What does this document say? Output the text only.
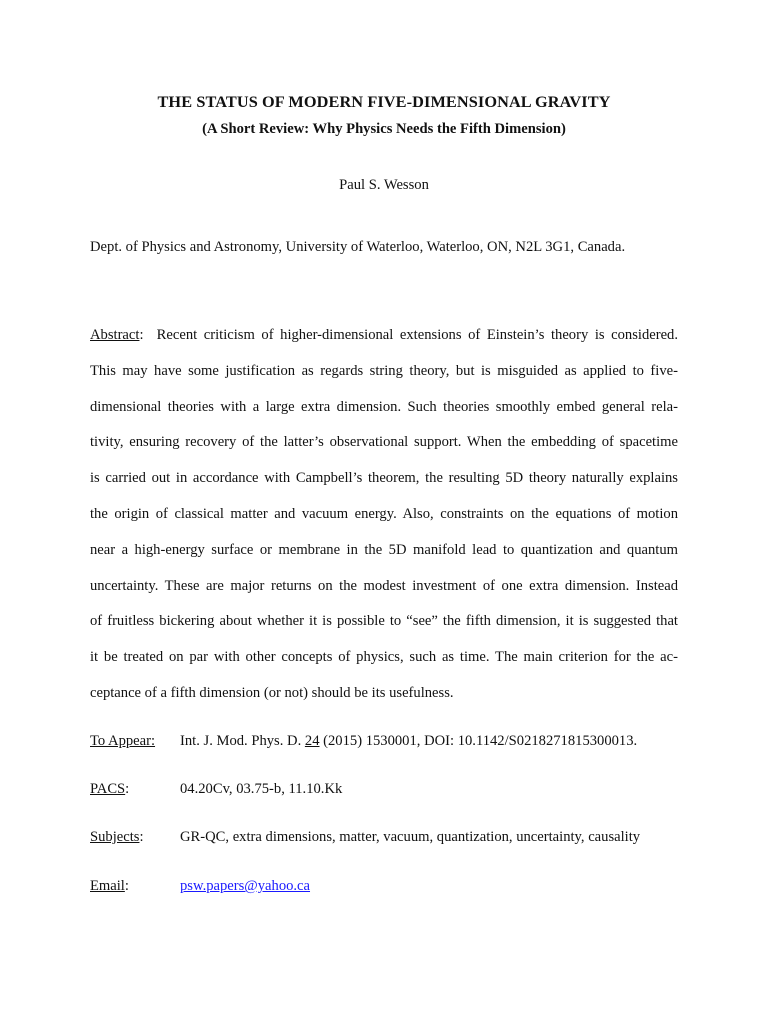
THE STATUS OF MODERN FIVE-DIMENSIONAL GRAVITY
(A Short Review: Why Physics Needs the Fifth Dimension)
Paul S. Wesson
Dept. of Physics and Astronomy, University of Waterloo, Waterloo, ON, N2L 3G1, Canada.
Abstract: Recent criticism of higher-dimensional extensions of Einstein’s theory is considered.
This may have some justification as regards string theory, but is misguided as applied to five-
dimensional theories with a large extra dimension. Such theories smoothly embed general rela-
tivity, ensuring recovery of the latter’s observational support. When the embedding of spacetime
is carried out in accordance with Campbell’s theorem, the resulting 5D theory naturally explains
the origin of classical matter and vacuum energy. Also, constraints on the equations of motion
near a high-energy surface or membrane in the 5D manifold lead to quantization and quantum
uncertainty. These are major returns on the modest investment of one extra dimension. Instead
of fruitless bickering about whether it is possible to “see” the fifth dimension, it is suggested that
it be treated on par with other concepts of physics, such as time. The main criterion for the ac-
ceptance of a fifth dimension (or not) should be its usefulness.
To Appear: Int. J. Mod. Phys. D. 24 (2015) 1530001, DOI: 10.1142/S0218271815300013.
PACS:	04.20Cv, 03.75-b, 11.10.Kk
Subjects: GR-QC, extra dimensions, matter, vacuum, quantization, uncertainty, causality
Email:	psw.papers@yahoo.ca
